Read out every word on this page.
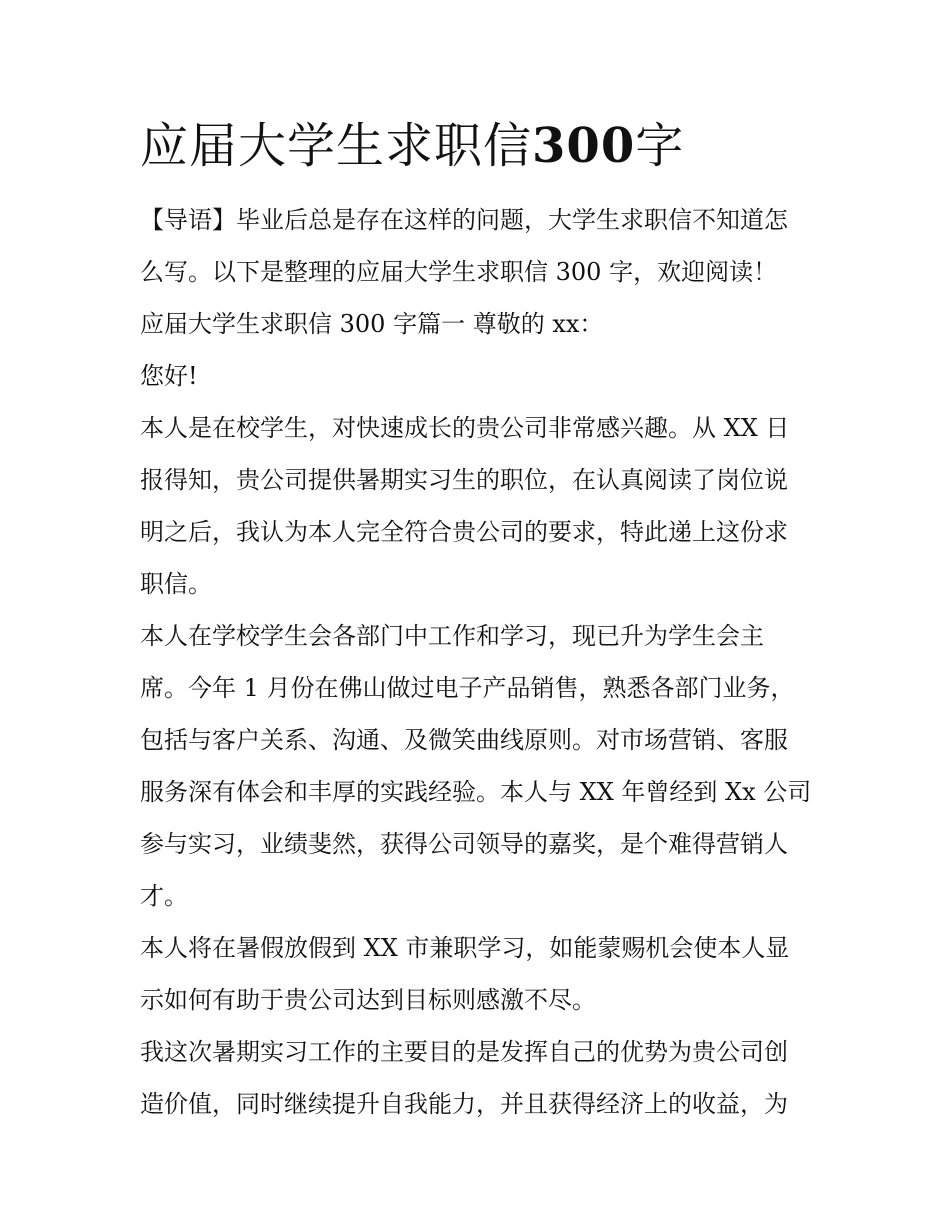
应届大学生求职信300字
【导语】毕业后总是存在这样的问题，大学生求职信不知道怎
么写。以下是整理的应届大学生求职信 300 字，欢迎阅读！
应届大学生求职信 300 字篇一 尊敬的 xx：
您好!
本人是在校学生，对快速成长的贵公司非常感兴趣。从 XX 日
报得知，贵公司提供暑期实习生的职位，在认真阅读了岗位说
明之后，我认为本人完全符合贵公司的要求，特此递上这份求
职信。
本人在学校学生会各部门中工作和学习，现已升为学生会主
席。今年 1 月份在佛山做过电子产品销售，熟悉各部门业务，
包括与客户关系、沟通、及微笑曲线原则。对市场营销、客服
服务深有体会和丰厚的实践经验。本人与 XX 年曾经到 Xx 公司
参与实习，业绩斐然，获得公司领导的嘉奖，是个难得营销人
才。
本人将在暑假放假到 XX 市兼职学习，如能蒙赐机会使本人显
示如何有助于贵公司达到目标则感激不尽。
我这次暑期实习工作的主要目的是发挥自己的优势为贵公司创
造价值，同时继续提升自我能力，并且获得经济上的收益，为
